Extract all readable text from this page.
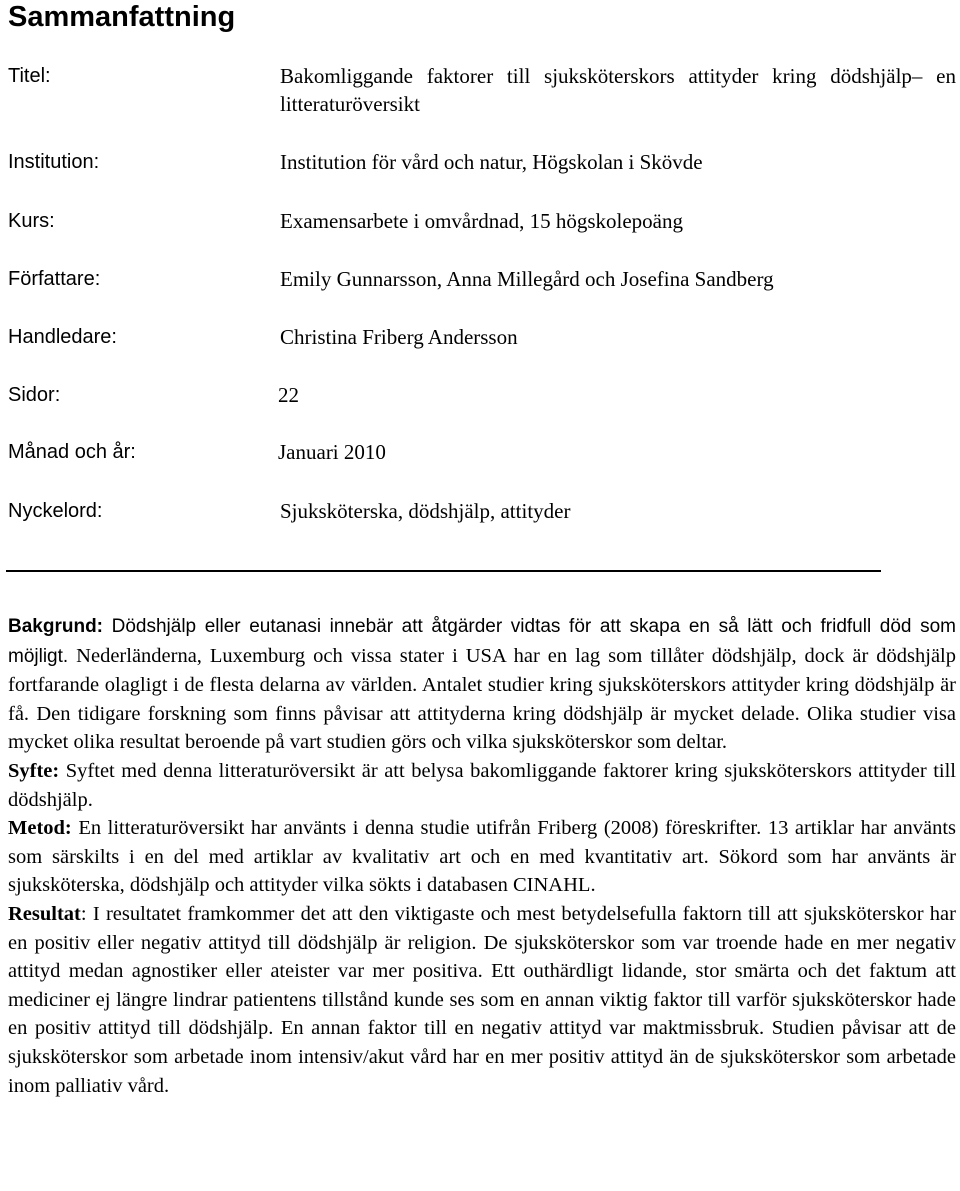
Sammanfattning
Titel:	Bakomliggande faktorer till sjuksköterskors attityder kring dödshjälp– en litteraturöversikt
Institution:	Institution för vård och natur, Högskolan i Skövde
Kurs:	Examensarbete i omvårdnad, 15 högskolepoäng
Författare:	Emily Gunnarsson, Anna Millegård och Josefina Sandberg
Handledare:	Christina Friberg Andersson
Sidor:	22
Månad och år:	Januari 2010
Nyckelord:	Sjuksköterska, dödshjälp, attityder

Bakgrund: Dödshjälp eller eutanasi innebär att åtgärder vidtas för att skapa en så lätt och fridfull död som möjligt. Nederländerna, Luxemburg och vissa stater i USA har en lag som tillåter dödshjälp, dock är dödshjälp fortfarande olagligt i de flesta delarna av världen. Antalet studier kring sjuksköterskors attityder kring dödshjälp är få. Den tidigare forskning som finns påvisar att attityderna kring dödshjälp är mycket delade. Olika studier visa mycket olika resultat beroende på vart studien görs och vilka sjuksköterskor som deltar.

Syfte: Syftet med denna litteraturöversikt är att belysa bakomliggande faktorer kring sjuksköterskors attityder till dödshjälp.

Metod: En litteraturöversikt har använts i denna studie utifrån Friberg (2008) föreskrifter. 13 artiklar har använts som särskilts i en del med artiklar av kvalitativ art och en med kvantitativ art. Sökord som har använts är sjuksköterska, dödshjälp och attityder vilka sökts i databasen CINAHL.

Resultat: I resultatet framkommer det att den viktigaste och mest betydelsefulla faktorn till att sjuksköterskor har en positiv eller negativ attityd till dödshjälp är religion. De sjuksköterskor som var troende hade en mer negativ attityd medan agnostiker eller ateister var mer positiva. Ett outhärdligt lidande, stor smärta och det faktum att mediciner ej längre lindrar patientens tillstånd kunde ses som en annan viktig faktor till varför sjuksköterskor hade en positiv attityd till dödshjälp. En annan faktor till en negativ attityd var maktmissbruk. Studien påvisar att de sjuksköterskor som arbetade inom intensiv/akut vård har en mer positiv attityd än de sjuksköterskor som arbetade inom palliativ vård.
